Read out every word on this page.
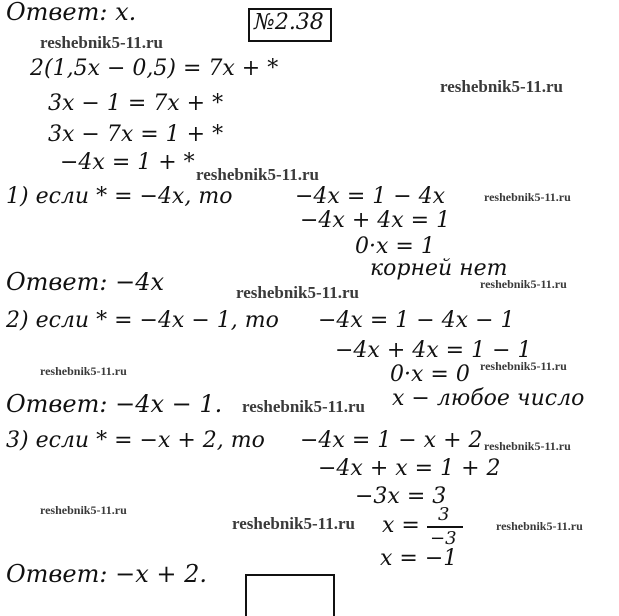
Ответ: x.	№2.38
2(1,5x − 0,5) = 7x + *
3x − 1 = 7x + *
3x − 7x = 1 + *
−4x = 1 + *
1) если * = −4x, то	−4x = 1 − 4x
−4x + 4x = 1
0·x = 1
корней нет
Ответ: −4x
2) если * = −4x − 1, то −4x = 1 − 4x − 1
−4x + 4x = 1 − 1
0·x = 0
Ответ: −4x − 1.	x − любое число
3) если * = −x + 2, то −4x = 1 − x + 2
−4x + x = 1 + 2
−3x = 3
x = 3
−3
x = −1
Ответ: −x + 2.
reshebnik5-11.ru
reshebnik5-11.ru
reshebnik5-11.ru
reshebnik5-11.ru
reshebnik5-11.ru	reshebnik5-11.ru
reshebnik5-11.ru	reshebnik5-11.ru
reshebnik5-11.ru
reshebnik5-11.ru
reshebnik5-11.ru
reshebnik5-11.ru	reshebnik5-11.ru
